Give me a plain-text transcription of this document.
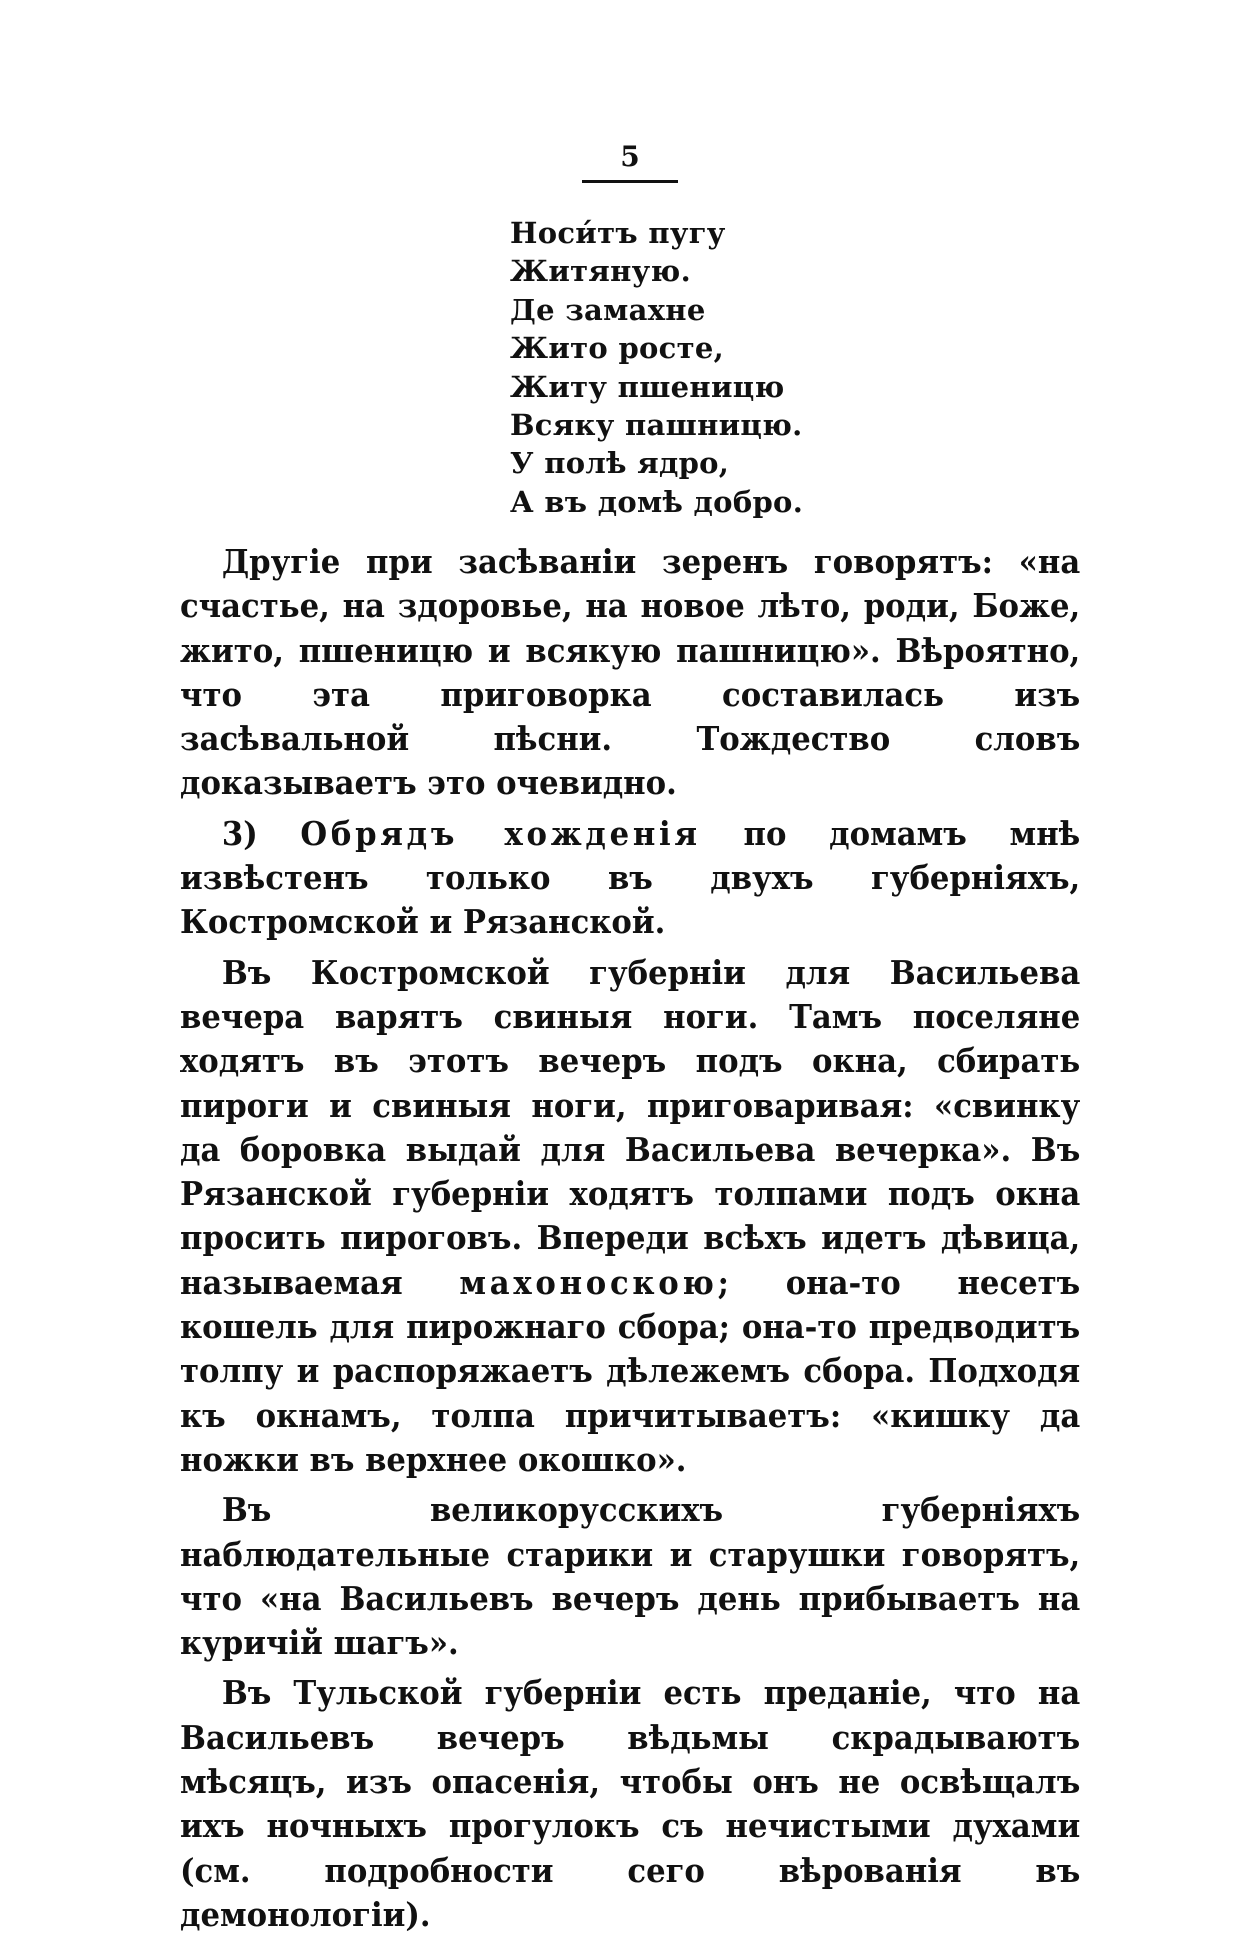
5
Носи́тъ пугу
Житяную.
Де замахне
Жито росте,
Житу пшеницю
Всяку пашницю.
У полѣ ядро,
А въ домѣ добро.

Другіе при засѣваніи зеренъ говорятъ: «на счастье, на здоровье, на новое лѣто, роди, Боже, жито, пшеницю и всякую пашницю». Вѣроятно, что эта приговорка составилась изъ засѣвальной пѣсни. Тождество словъ доказываетъ это очевидно.

3) Обрядъ хожденія по домамъ мнѣ извѣстенъ только въ двухъ губерніяхъ, Костромской и Рязанской.

Въ Костромской губерніи для Васильева вечера варятъ свиныя ноги. Тамъ поселяне ходятъ въ этотъ вечеръ подъ окна, сбирать пироги и свиныя ноги, приговаривая: «свинку да боровка выдай для Васильева вечерка». Въ Рязанской губерніи ходятъ толпами подъ окна просить пироговъ. Впереди всѣхъ идетъ дѣвица, называемая махоноскою; она-то несетъ кошель для пирожнаго сбора; она-то предводитъ толпу и распоряжаетъ дѣлежемъ сбора. Подходя къ окнамъ, толпа причитываетъ: «кишку да ножки въ верхнее окошко».

Въ великорусскихъ губерніяхъ наблюдательные старики и старушки говорятъ, что «на Васильевъ вечеръ день прибываетъ на куричій шагъ».

Въ Тульской губерніи есть преданіе, что на Васильевъ вечеръ вѣдьмы скрадываютъ мѣсяцъ, изъ опасенія, чтобы онъ не освѣщалъ ихъ ночныхъ прогулокъ съ нечистыми духами (см. подробности сего вѣрованія въ демонологіи).
